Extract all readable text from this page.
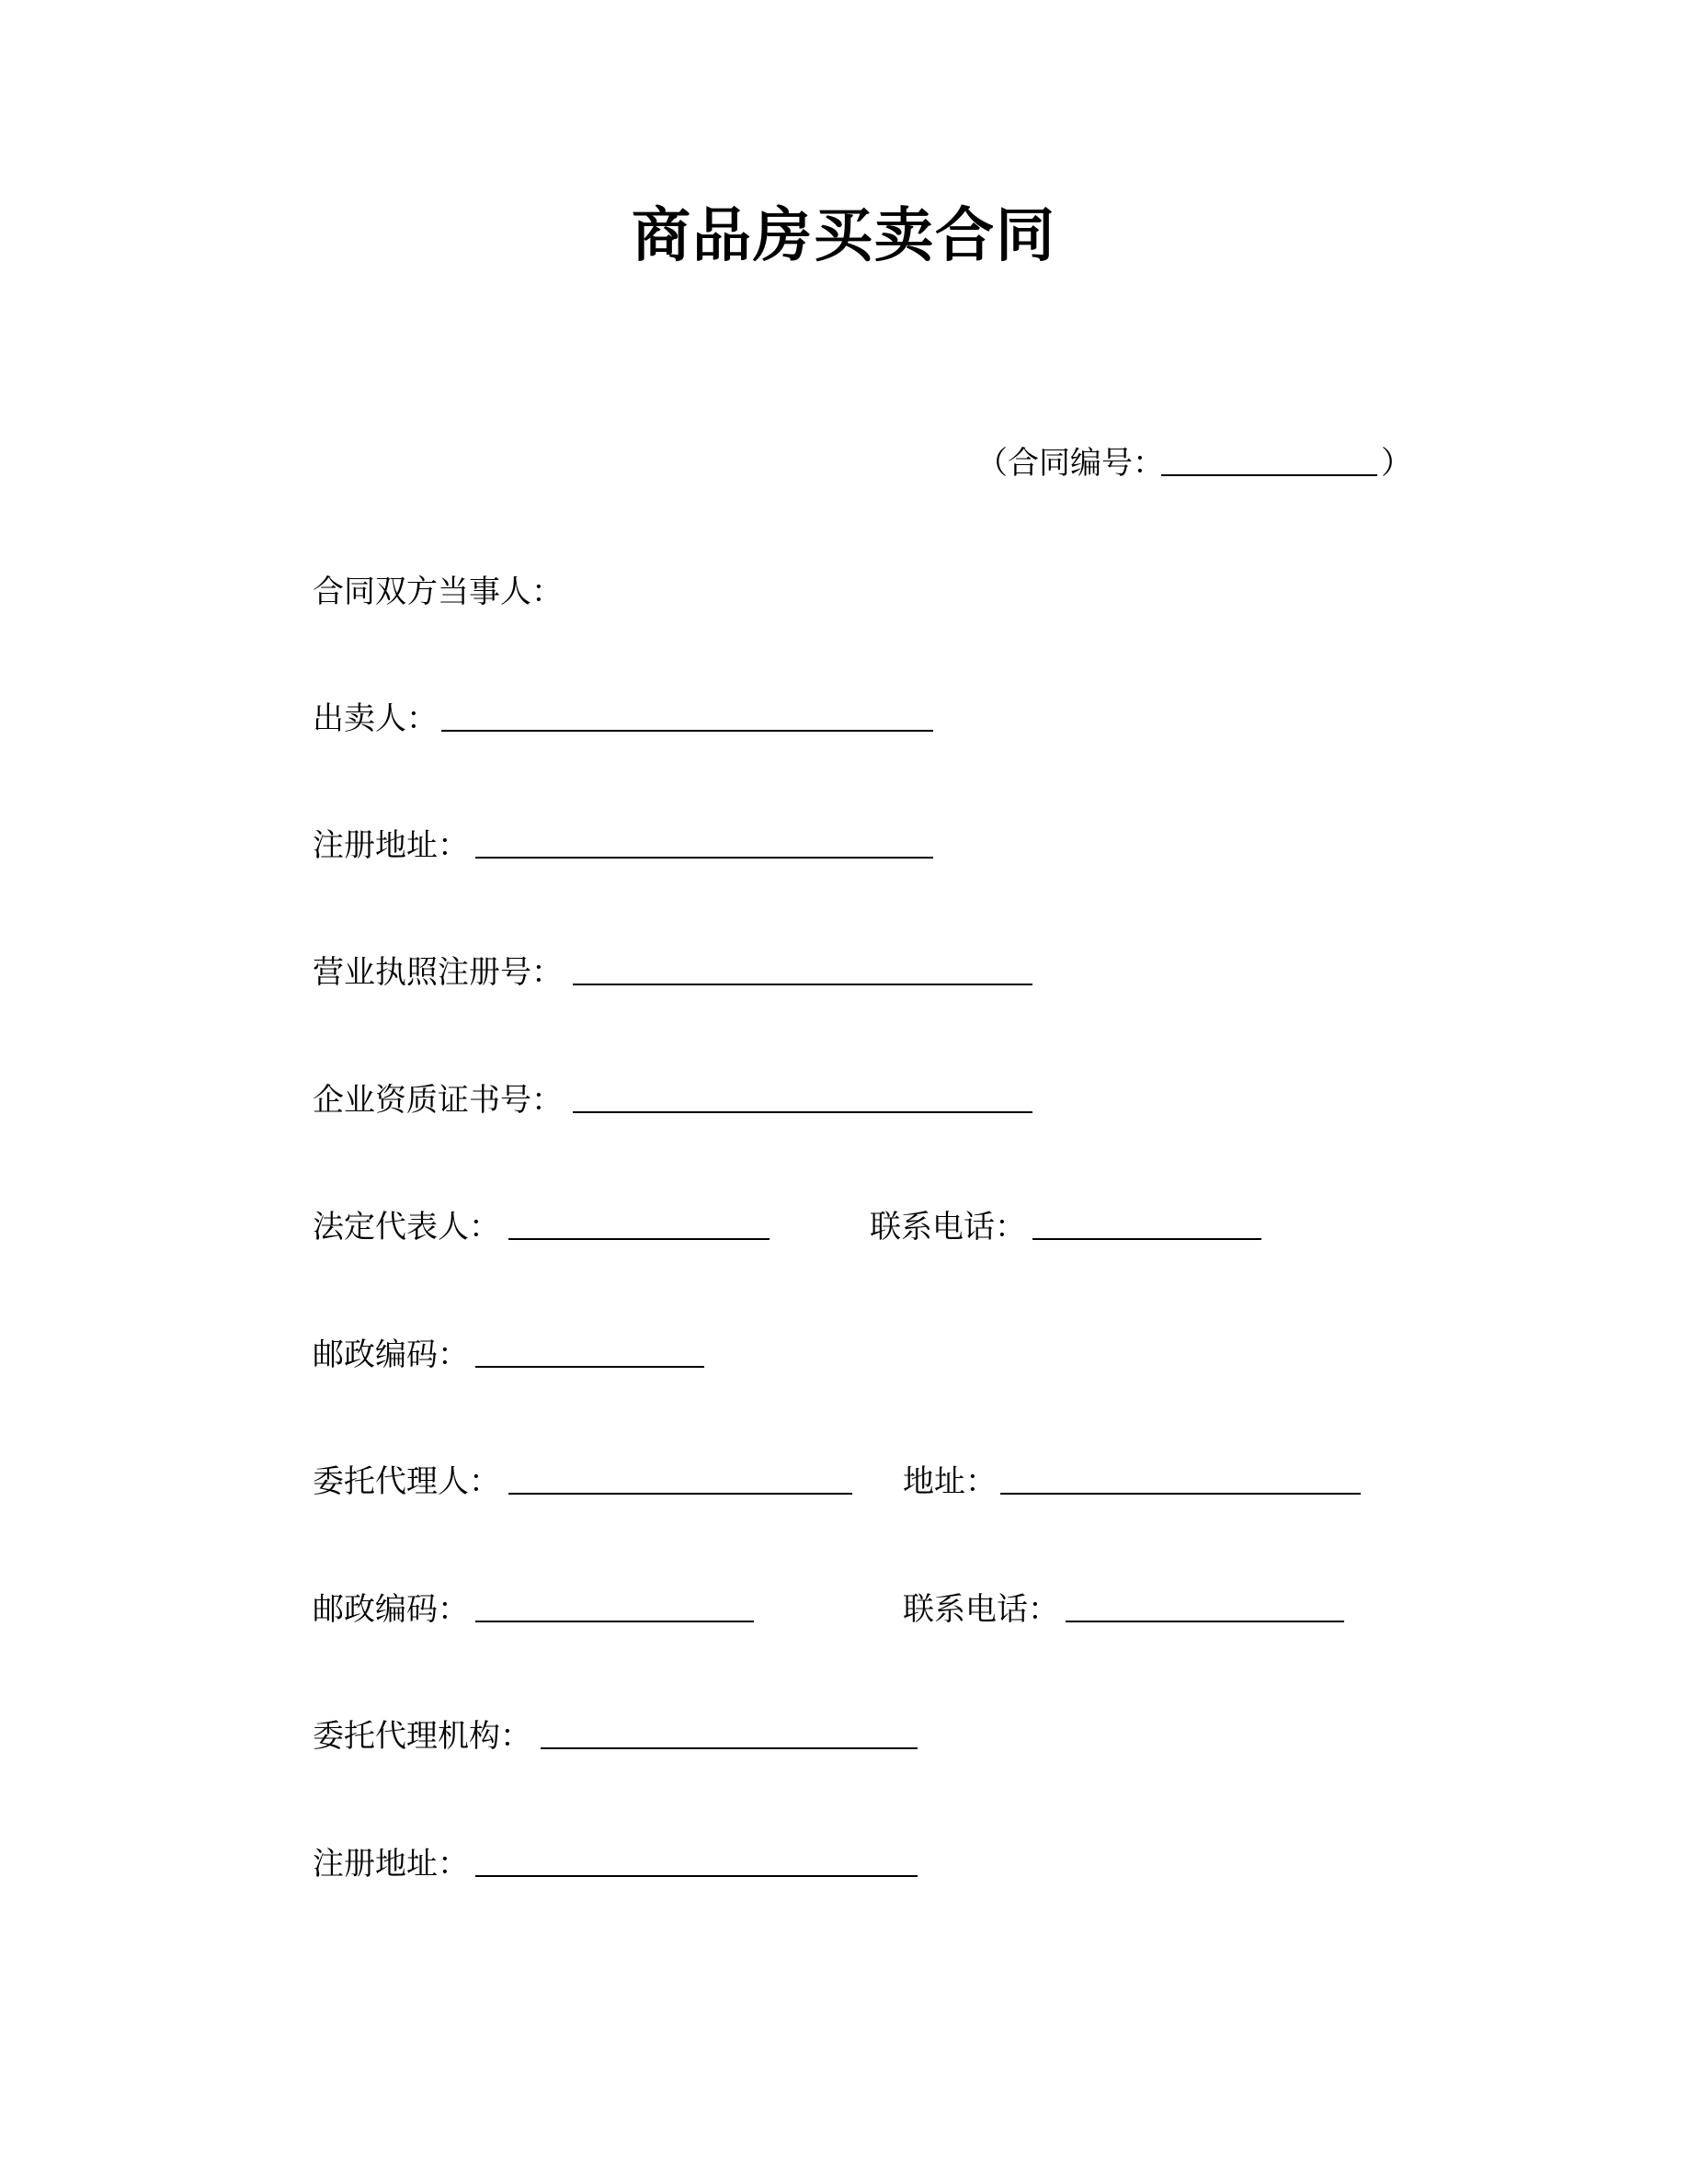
商品房买卖合同
（合同编号：	）
合同双方当事人：
出卖人：
注册地址：
营业执照注册号：
企业资质证书号：
法定代表人：	联系电话：
邮政编码：
委托代理人：	地址：
邮政编码：	联系电话：
委托代理机构：
注册地址：
